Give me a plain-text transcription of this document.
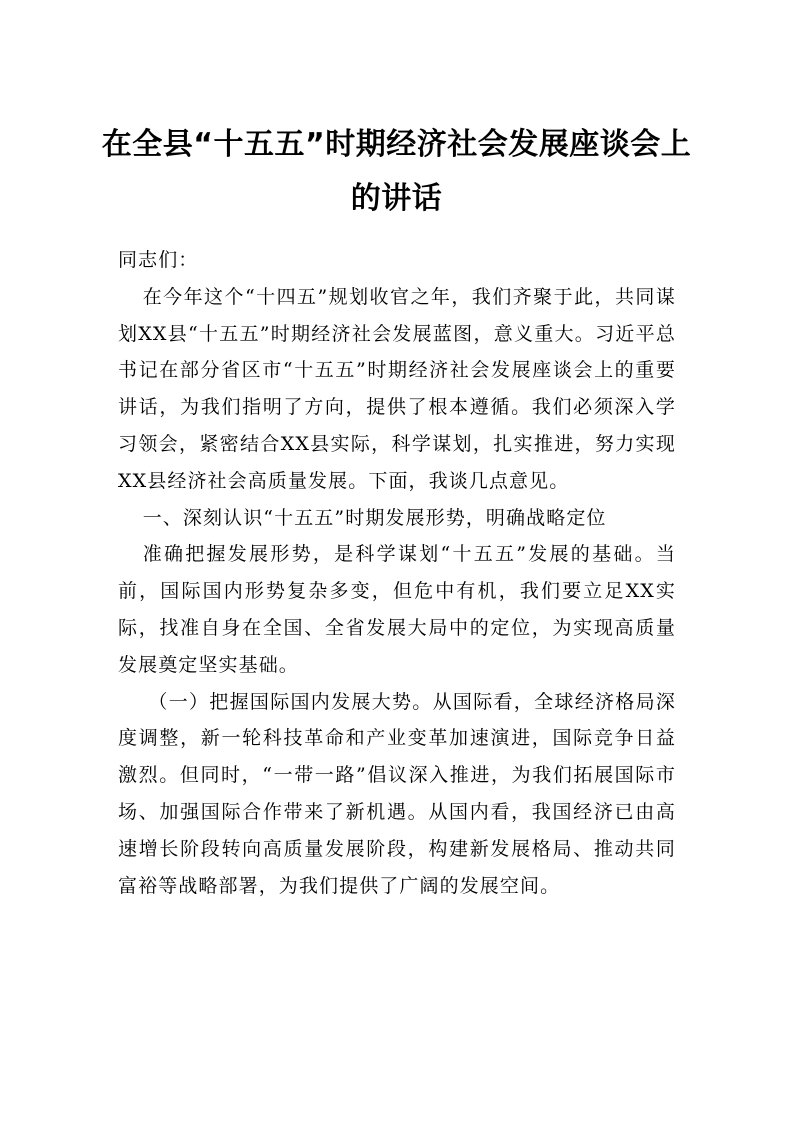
在全县“十五五”时期经济社会发展座谈会上的讲话

同志们：

在今年这个“十四五”规划收官之年，我们齐聚于此，共同谋划XX县“十五五”时期经济社会发展蓝图，意义重大。习近平总书记在部分省区市“十五五”时期经济社会发展座谈会上的重要讲话，为我们指明了方向，提供了根本遵循。我们必须深入学习领会，紧密结合XX县实际，科学谋划，扎实推进，努力实现XX县经济社会高质量发展。下面，我谈几点意见。

一、深刻认识“十五五”时期发展形势，明确战略定位

准确把握发展形势，是科学谋划“十五五”发展的基础。当前，国际国内形势复杂多变，但危中有机，我们要立足XX实际，找准自身在全国、全省发展大局中的定位，为实现高质量发展奠定坚实基础。

（一）把握国际国内发展大势。从国际看，全球经济格局深度调整，新一轮科技革命和产业变革加速演进，国际竞争日益激烈。但同时，“一带一路”倡议深入推进，为我们拓展国际市场、加强国际合作带来了新机遇。从国内看，我国经济已由高速增长阶段转向高质量发展阶段，构建新发展格局、推动共同富裕等战略部署，为我们提供了广阔的发展空间。
